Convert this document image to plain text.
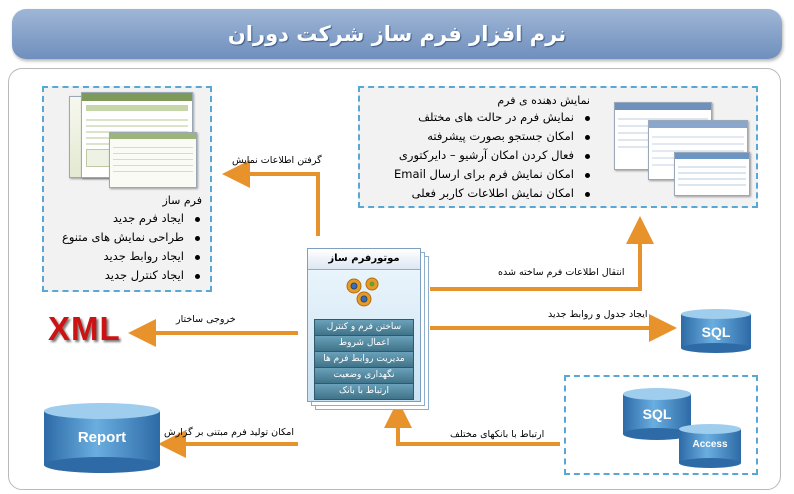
نرم افزار فرم ساز شرکت دوران
فرم ساز
ایجاد فرم جدید
طراحی نمایش های متنوع
ایجاد روابط جدید
ایجاد کنترل جدید
نمایش دهنده ی فرم
نمایش فرم در حالت های مختلف
امکان جستجو بصورت پیشرفته
فعال کردن امکان آرشیو – دایرکتوری
امکان نمایش فرم برای ارسال Email
امکان نمایش اطلاعات کاربر فعلی
گرفتن اطلاعات نمایش
انتقال اطلاعات فرم ساخته شده
خروجی ساختار	ایجاد جدول و روابط جدید
امکان تولید فرم مبتنی بر گزارش	ارتباط با بانکهای مختلف
XML
موتورفرم ساز
ساختن فرم و کنترل
اعمال شروط
مدیریت روابط فرم ها
نگهداری وضعیت
ارتباط با بانک
SQL
Report
SQL
Access
